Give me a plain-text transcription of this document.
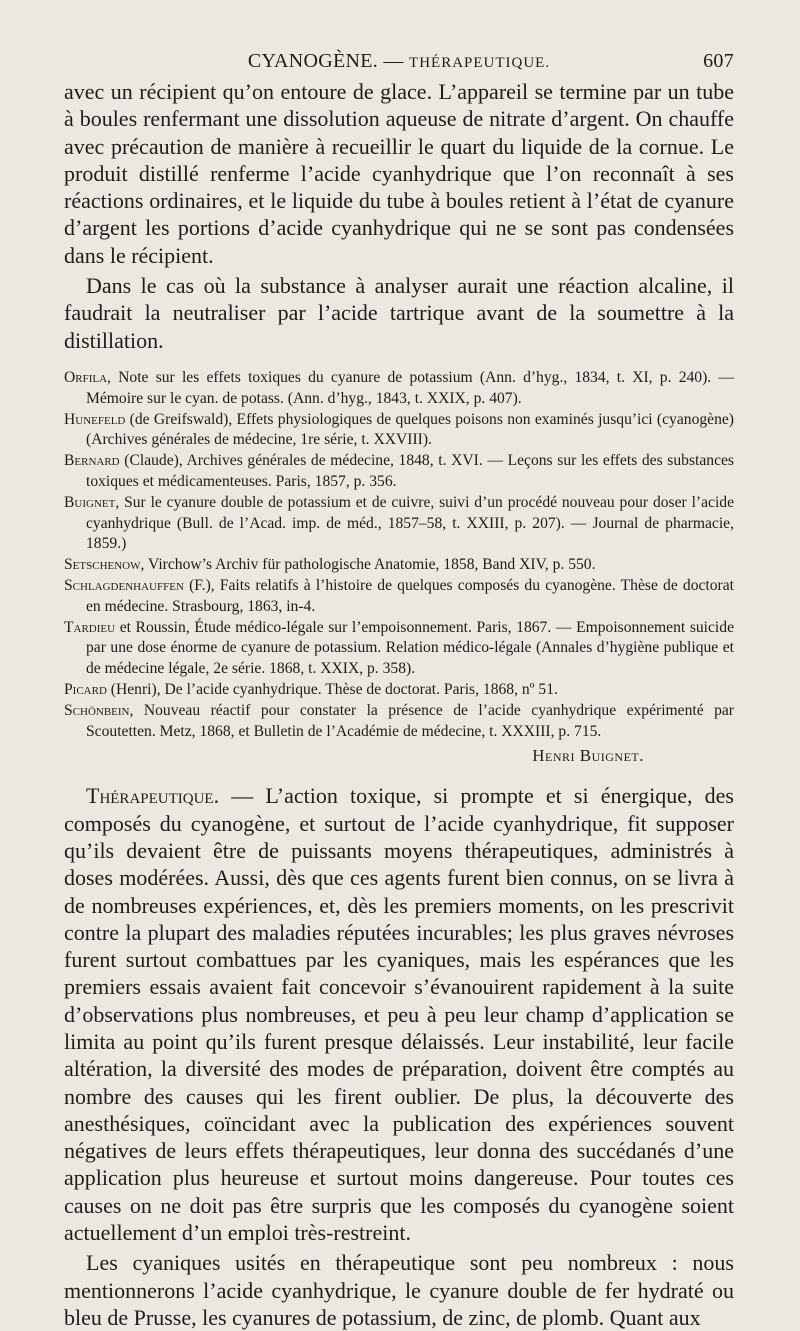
CYANOGÈNE. — THÉRAPEUTIQUE.	607

avec un récipient qu’on entoure de glace. L’appareil se termine par un tube à boules renfermant une dissolution aqueuse de nitrate d’argent. On chauffe avec précaution de manière à recueillir le quart du liquide de la cornue. Le produit distillé renferme l’acide cyanhydrique que l’on reconnaît à ses réactions ordinaires, et le liquide du tube à boules retient à l’état de cyanure d’argent les portions d’acide cyanhydrique qui ne se sont pas condensées dans le récipient.

Dans le cas où la substance à analyser aurait une réaction alcaline, il faudrait la neutraliser par l’acide tartrique avant de la soumettre à la distillation.

Orfila, Note sur les effets toxiques du cyanure de potassium (Ann. d’hyg., 1834, t. XI, p. 240). — Mémoire sur le cyan. de potass. (Ann. d’hyg., 1843, t. XXIX, p. 407).

Hunefeld (de Greifswald), Effets physiologiques de quelques poisons non examinés jusqu’ici (cyanogène) (Archives générales de médecine, 1re série, t. XXVIII).

Bernard (Claude), Archives générales de médecine, 1848, t. XVI. — Leçons sur les effets des substances toxiques et médicamenteuses. Paris, 1857, p. 356.

Buignet, Sur le cyanure double de potassium et de cuivre, suivi d’un procédé nouveau pour doser l’acide cyanhydrique (Bull. de l’Acad. imp. de méd., 1857–58, t. XXIII, p. 207). — Journal de pharmacie, 1859.)

Setschenow, Virchow’s Archiv für pathologische Anatomie, 1858, Band XIV, p. 550.

Schlagdenhauffen (F.), Faits relatifs à l’histoire de quelques composés du cyanogène. Thèse de doctorat en médecine. Strasbourg, 1863, in-4.

Tardieu et Roussin, Étude médico-légale sur l’empoisonnement. Paris, 1867. — Empoisonnement suicide par une dose énorme de cyanure de potassium. Relation médico-légale (Annales d’hygiène publique et de médecine légale, 2e série. 1868, t. XXIX, p. 358).

Picard (Henri), De l’acide cyanhydrique. Thèse de doctorat. Paris, 1868, nº 51.

Schönbein, Nouveau réactif pour constater la présence de l’acide cyanhydrique expérimenté par Scoutetten. Metz, 1868, et Bulletin de l’Académie de médecine, t. XXXIII, p. 715.

Henri Buignet.

Thérapeutique. — L’action toxique, si prompte et si énergique, des composés du cyanogène, et surtout de l’acide cyanhydrique, fit supposer qu’ils devaient être de puissants moyens thérapeutiques, administrés à doses modérées. Aussi, dès que ces agents furent bien connus, on se livra à de nombreuses expériences, et, dès les premiers moments, on les prescrivit contre la plupart des maladies réputées incurables; les plus graves névroses furent surtout combattues par les cyaniques, mais les espérances que les premiers essais avaient fait concevoir s’évanouirent rapidement à la suite d’observations plus nombreuses, et peu à peu leur champ d’application se limita au point qu’ils furent presque délaissés. Leur instabilité, leur facile altération, la diversité des modes de préparation, doivent être comptés au nombre des causes qui les firent oublier. De plus, la découverte des anesthésiques, coïncidant avec la publication des expériences souvent négatives de leurs effets thérapeutiques, leur donna des succédanés d’une application plus heureuse et surtout moins dangereuse. Pour toutes ces causes on ne doit pas être surpris que les composés du cyanogène soient actuellement d’un emploi très-restreint.

Les cyaniques usités en thérapeutique sont peu nombreux : nous mentionnerons l’acide cyanhydrique, le cyanure double de fer hydraté ou bleu de Prusse, les cyanures de potassium, de zinc, de plomb. Quant aux
